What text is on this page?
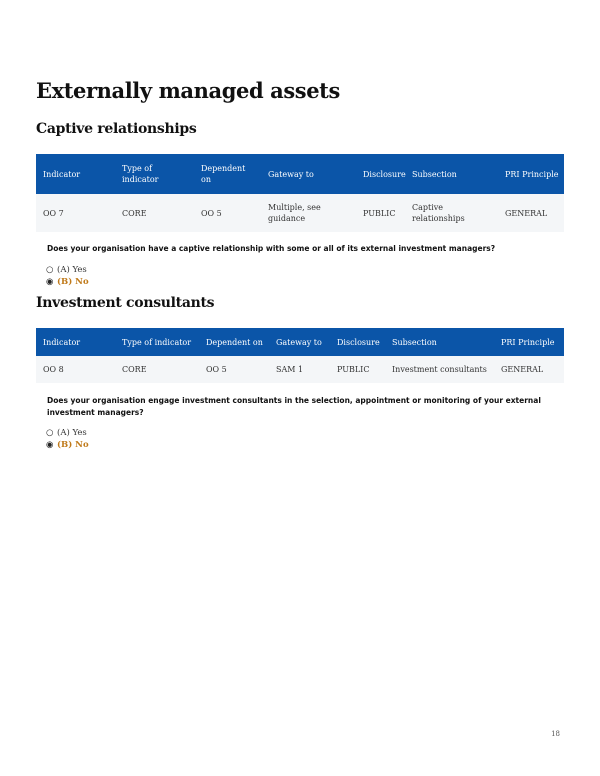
Externally managed assets
Captive relationships
Indicator	Type of indicator	Dependent on	Gateway to	Disclosure	Subsection	PRI Principle
OO 7	CORE	OO 5	Multiple, see guidance	PUBLIC	Captive relationships	GENERAL

Does your organisation have a captive relationship with some or all of its external investment managers?

○ (A) Yes
◉ (B) No
Investment consultants
Indicator	Type of indicator	Dependent on	Gateway to	Disclosure	Subsection	PRI Principle
OO 8	CORE	OO 5	SAM 1	PUBLIC	Investment consultants	GENERAL

Does your organisation engage investment consultants in the selection, appointment or monitoring of your external investment managers?

○ (A) Yes
◉ (B) No
18
